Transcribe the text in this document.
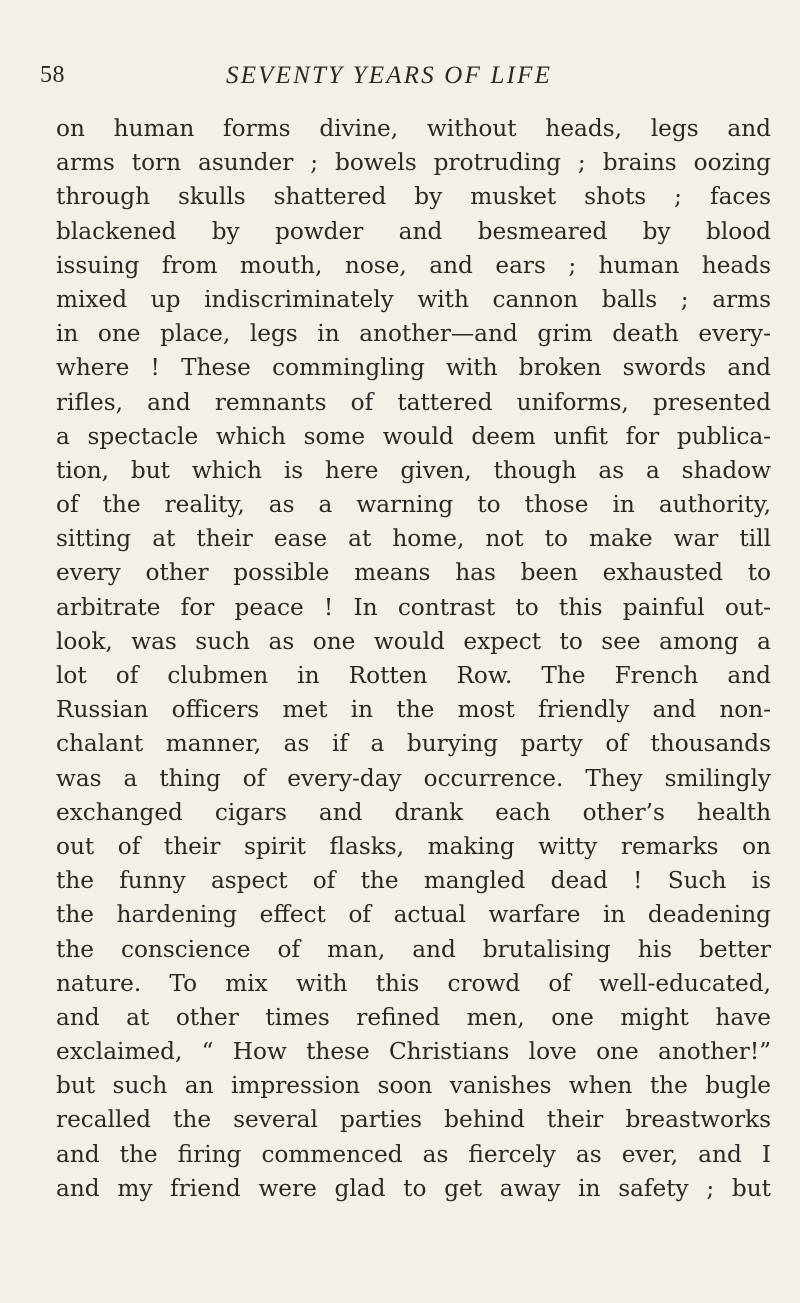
58	SEVENTY YEARS OF LIFE
on human forms divine, without heads, legs and
arms torn asunder ; bowels protruding ; brains oozing
through skulls shattered by musket shots ; faces
blackened by powder and besmeared by blood
issuing from mouth, nose, and ears ; human heads
mixed up indiscriminately with cannon balls ; arms
in one place, legs in another—and grim death every-
where ! These commingling with broken swords and
rifles, and remnants of tattered uniforms, presented
a spectacle which some would deem unfit for publica-
tion, but which is here given, though as a shadow
of the reality, as a warning to those in authority,
sitting at their ease at home, not to make war till
every other possible means has been exhausted to
arbitrate for peace ! In contrast to this painful out-
look, was such as one would expect to see among a
lot of clubmen in Rotten Row. The French and
Russian officers met in the most friendly and non-
chalant manner, as if a burying party of thousands
was a thing of every-day occurrence. They smilingly
exchanged cigars and drank each other’s health
out of their spirit flasks, making witty remarks on
the funny aspect of the mangled dead ! Such is
the hardening effect of actual warfare in deadening
the conscience of man, and brutalising his better
nature. To mix with this crowd of well-educated,
and at other times refined men, one might have
exclaimed, “ How these Christians love one another!”
but such an impression soon vanishes when the bugle
recalled the several parties behind their breastworks
and the firing commenced as fiercely as ever, and I
and my friend were glad to get away in safety ; but
